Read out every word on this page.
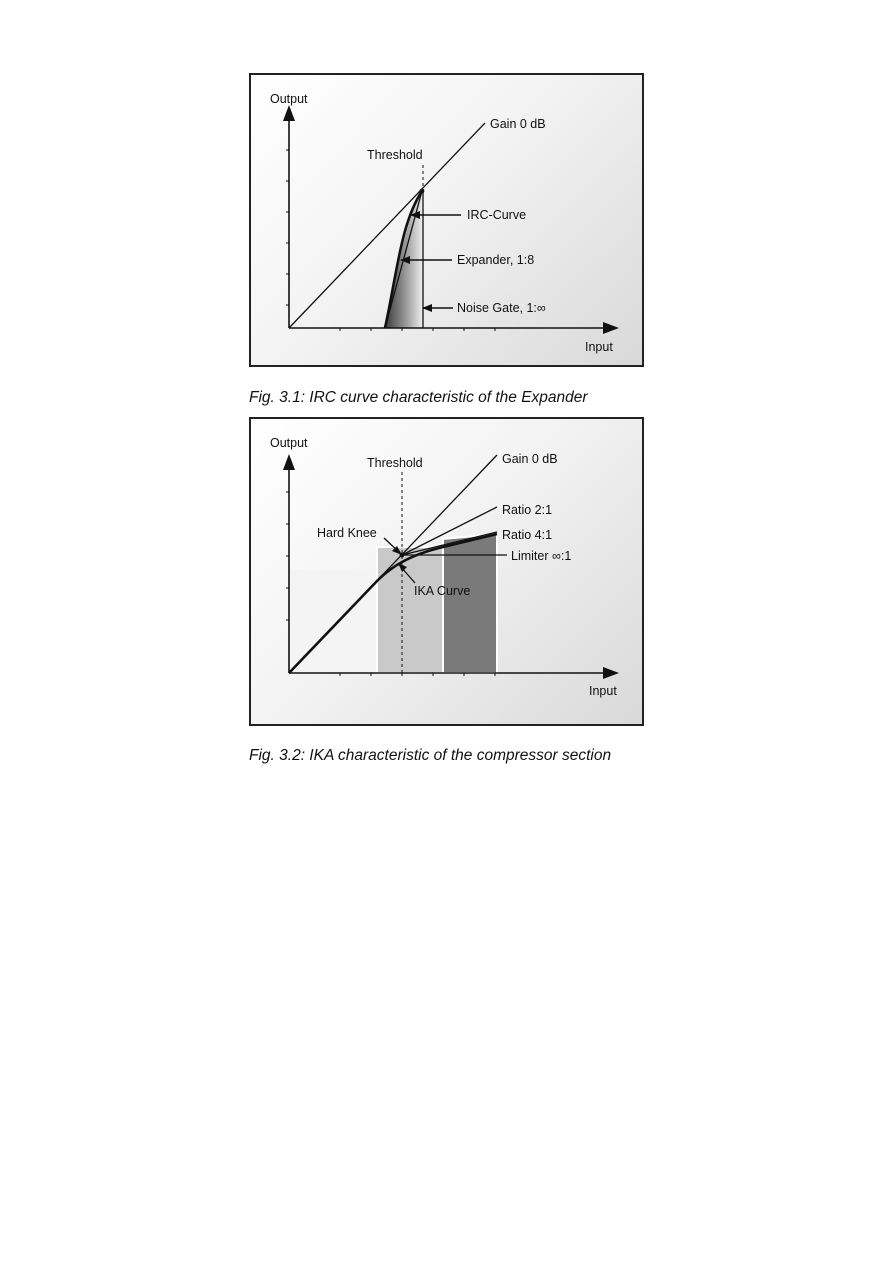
Output
Input
Threshold
Gain 0 dB
IRC-Curve
Expander, 1:8
Noise Gate, 1:∞
Fig. 3.1: IRC curve characteristic of the Expander
Output
Input
Threshold	Gain 0 dB
Ratio 2:1
Ratio 4:1
Limiter ∞:1
Hard Knee
IKA Curve
Fig. 3.2: IKA characteristic of the compressor section
